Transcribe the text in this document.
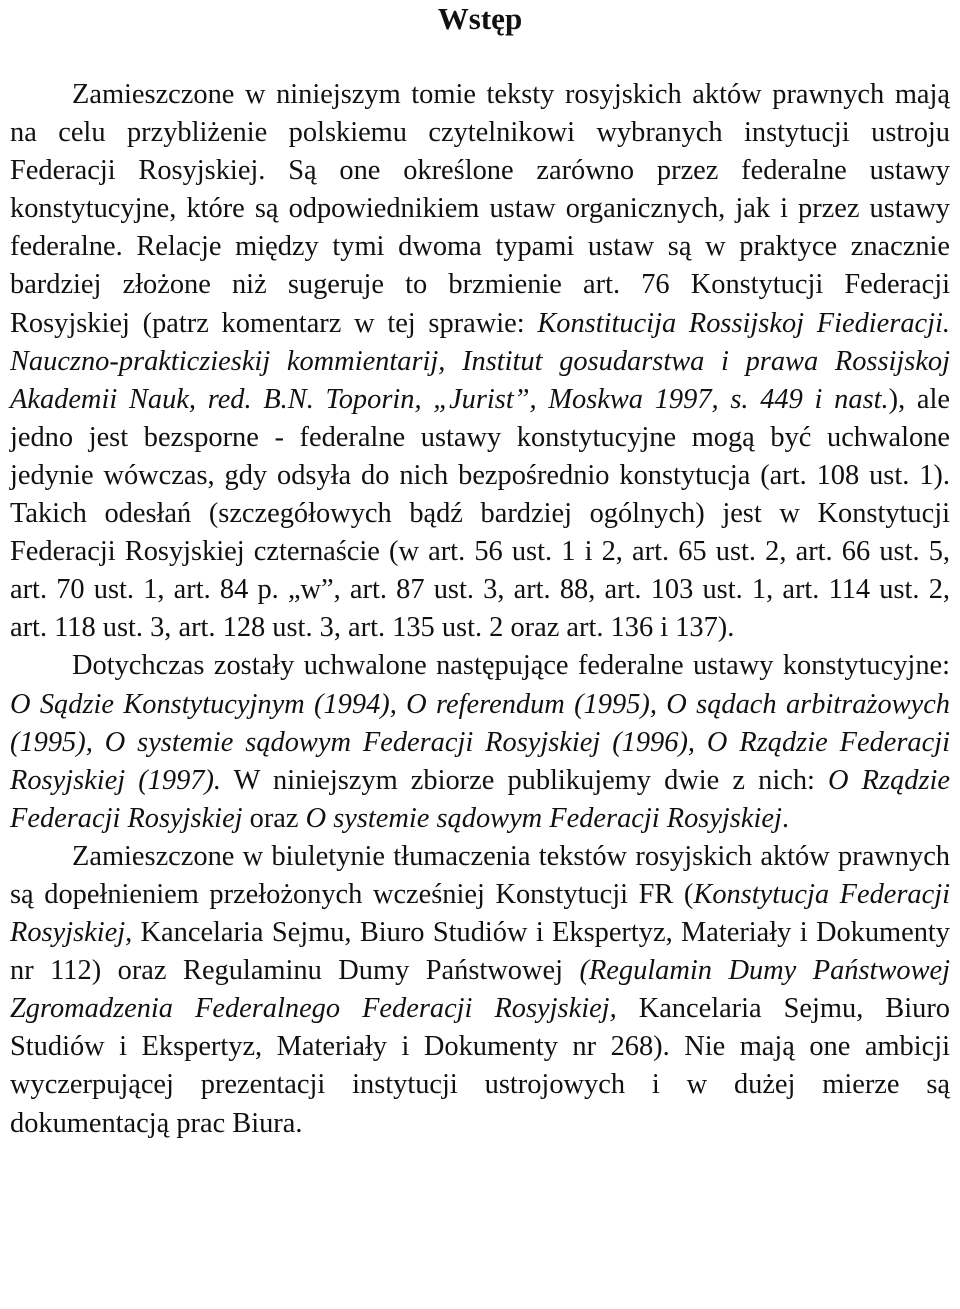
Wstęp

Zamieszczone w niniejszym tomie teksty rosyjskich aktów prawnych mają na celu przybliżenie polskiemu czytelnikowi wybranych instytucji ustroju Federacji Rosyjskiej. Są one określone zarówno przez federalne ustawy konstytucyjne, które są odpowiednikiem ustaw organicznych, jak i przez ustawy federalne. Relacje między tymi dwoma typami ustaw są w praktyce znacznie bardziej złożone niż sugeruje to brzmienie art. 76 Konstytucji Federacji Rosyjskiej (patrz komentarz w tej sprawie: Konstitucija Rossijskoj Fiedieracji. Nauczno-prakticzieskij kommientarij, Institut gosudarstwa i prawa Rossijskoj Akademii Nauk, red. B.N. Toporin, „Jurist”, Moskwa 1997, s. 449 i nast.), ale jedno jest bezsporne - federalne ustawy konstytucyjne mogą być uchwalone jedynie wówczas, gdy odsyła do nich bezpośrednio konstytucja (art. 108 ust. 1). Takich odesłań (szczegółowych bądź bardziej ogólnych) jest w Konstytucji Federacji Rosyjskiej czternaście (w art. 56 ust. 1 i 2, art. 65 ust. 2, art. 66 ust. 5, art. 70 ust. 1, art. 84 p. „w”, art. 87 ust. 3, art. 88, art. 103 ust. 1, art. 114 ust. 2, art. 118 ust. 3, art. 128 ust. 3, art. 135 ust. 2 oraz art. 136 i 137).

Dotychczas zostały uchwalone następujące federalne ustawy konstytucyjne: O Sądzie Konstytucyjnym (1994), O referendum (1995), O sądach arbitrażowych (1995), O systemie sądowym Federacji Rosyjskiej (1996), O Rządzie Federacji Rosyjskiej (1997). W niniejszym zbiorze publikujemy dwie z nich: O Rządzie Federacji Rosyjskiej oraz O systemie sądowym Federacji Rosyjskiej.

Zamieszczone w biuletynie tłumaczenia tekstów rosyjskich aktów prawnych są dopełnieniem przełożonych wcześniej Konstytucji FR (Konstytucja Federacji Rosyjskiej, Kancelaria Sejmu, Biuro Studiów i Ekspertyz, Materiały i Dokumenty nr 112) oraz Regulaminu Dumy Państwowej (Regulamin Dumy Państwowej Zgromadzenia Federalnego Federacji Rosyjskiej, Kancelaria Sejmu, Biuro Studiów i Ekspertyz, Materiały i Dokumenty nr 268). Nie mają one ambicji wyczerpującej prezentacji instytucji ustrojowych i w dużej mierze są dokumentacją prac Biura.
